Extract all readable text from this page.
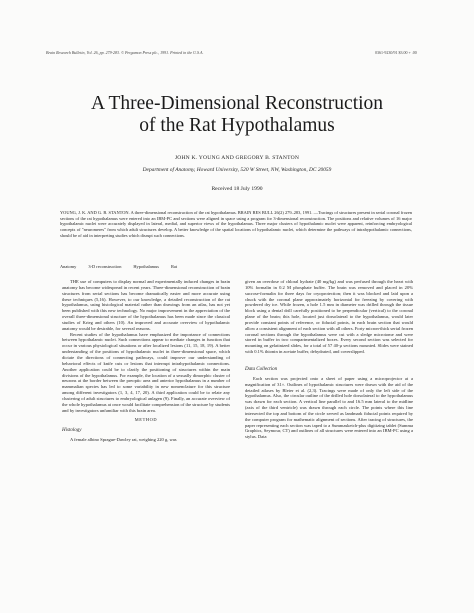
Brain Research Bulletin, Vol. 26, pp. 279-283. © Pergamon Press plc., 1991. Printed in the U.S.A.	0361-9230/91 $3.00 + .00
A Three-Dimensional Reconstruction
of the Rat Hypothalamus
JOHN K. YOUNG AND GREGORY B. STANTON
Department of Anatomy, Howard University, 520 W Street, NW, Washington, DC 20059
Received 18 July 1990

YOUNG, J. K. AND G. B. STANTON. A three-dimensional reconstruction of the rat hypothalamus. BRAIN RES BULL 26(2) 279–283, 1991. —Tracings of structures present in serial coronal frozen sections of the rat hypothalamus were entered into an IBM-PC and sections were aligned in space using a program for 3-dimensional reconstruction. The positions and relative volumes of 16 major hypothalamic nuclei were accurately displayed in lateral, medial, and superior views of the hypothalamus. Three major clusters of hypothalamic nuclei were apparent, reinforcing embryological concepts of "neuromeres" from which adult structures develop. A better knowledge of the spatial locations of hypothalamic nuclei, which determine the pathways of intrahypothalamic connections, should be of aid in interpreting studies which disrupt such connections.

Anatomy	3-D reconstruction	Hypothalamus	Rat

THE use of computers to display normal and experimentally induced changes in brain anatomy has become widespread in recent years. Three-dimensional reconstruction of brain structures from serial sections has become dramatically easier and more accurate using these techniques (5,16). However, to our knowledge, a detailed reconstruction of the rat hypothalamus, using histological material rather than drawings from an atlas, has not yet been published with this new technology. No major improvement in the appreciation of the overall three-dimensional structure of the hypothalamus has been made since the classical studies of Krieg and others (10). An improved and accurate overview of hypothalamic anatomy would be desirable, for several reasons.

Recent studies of the hypothalamus have emphasized the importance of connections between hypothalamic nuclei. Such connections appear to mediate changes in function that occur in various physiological situations or after localized lesions (11, 15, 18, 19). A better understanding of the positions of hypothalamic nuclei in three-dimensional space, which dictate the directions of connecting pathways, could improve our understanding of behavioral effects of knife cuts or lesions that interrupt intrahypothalamic connections. Another application could be to clarify the positioning of structures within the main divisions of the hypothalamus. For example, the location of a sexually dimorphic cluster of neurons at the border between the preoptic area and anterior hypothalamus in a number of mammalian species has led to some variability in new nomenclature for this structure among different investigators (1, 3, 4, 17, 20). A third application could be to relate any clustering of adult structures to embryological anlagen (9). Finally, an accurate overview of the whole hypothalamus at once would facilitate comprehension of the structure by students and by investigators unfamiliar with this brain area.

METHOD
Histology

A female albino Sprague-Dawley rat, weighing 220 g, was

given an overdose of chloral hydrate (40 mg/kg) and was perfused through the heart with 10% formalin in 0.2 M phosphate buffer. The brain was removed and placed in 20% sucrose-formalin for three days for cryoprotection; then it was blocked and laid upon a chuck with the coronal plane approximately horizontal for freezing by covering with powdered dry ice. While frozen, a hole 1.5 mm in diameter was drilled through the tissue block using a dental drill carefully positioned to be perpendicular (vertical) to the coronal plane of the brain; this hole, located just dorsolateral to the hypothalamus, would later provide constant points of reference, or fiducial points, in each brain section that would allow a consistent alignment of each section with all others. Forty micron-thick serial frozen coronal sections through the hypothalamus were cut with a sledge microtome and were stored in buffer in two compartmentalized boxes. Every second section was selected for mounting on gelatinized slides, for a total of 57 40-µ sections mounted. Slides were stained with 0.1% thionin in acetate buffer, dehydrated, and coverslipped.

Data Collection

Each section was projected onto a sheet of paper using a microprojector at a magnification of 31×. Outlines of hypothalamic structures were drawn with the aid of the detailed atlases by Bleier et al. (2,3). Tracings were made of only the left side of the hypothalamus. Also, the circular outline of the drilled hole dorsolateral to the hypothalamus was drawn for each section. A vertical line parallel to and 16.5 mm lateral to the midline (axis of the third ventricle) was drawn through each circle. The points where this line intersected the top and bottom of the circle served as landmark fiducial points required by the computer program for mathematic alignment of sections. After tracing of structures, the paper representing each section was taped to a Summasketch-plus digitizing tablet (Summa Graphics, Seymour, CT) and outlines of all structures were entered into an IBM-PC using a stylus. Data
